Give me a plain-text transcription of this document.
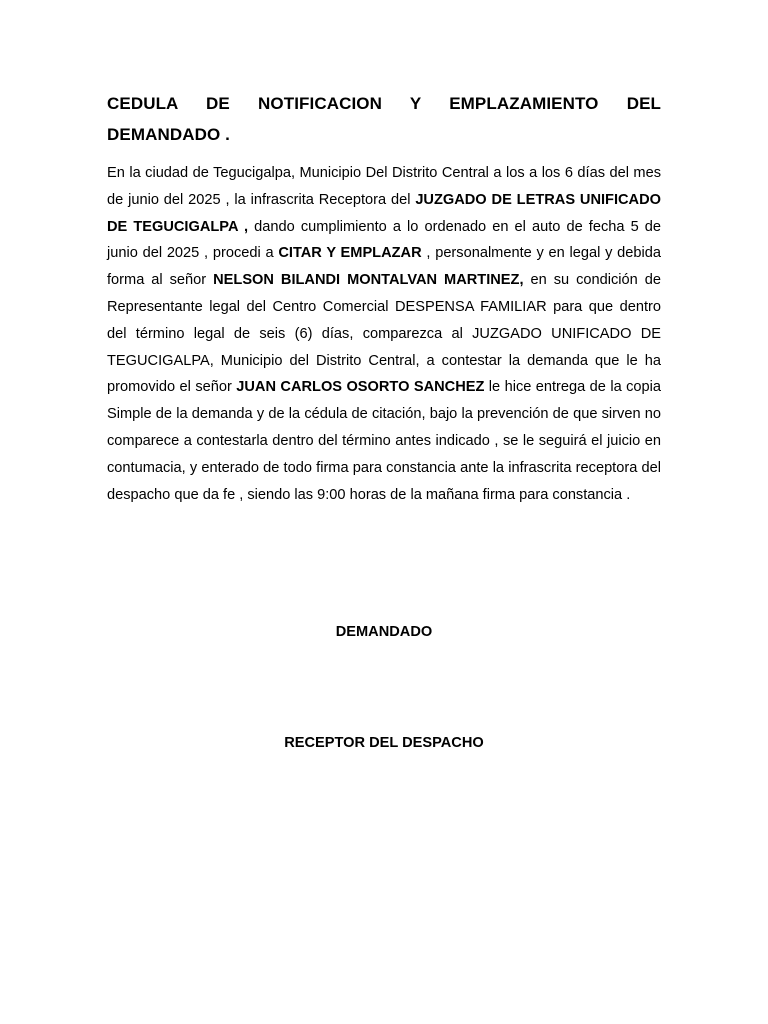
CEDULA DE NOTIFICACION Y EMPLAZAMIENTO DEL DEMANDADO .

En la ciudad de Tegucigalpa, Municipio Del Distrito Central a los a los 6 días del mes de junio del 2025 , la infrascrita Receptora del JUZGADO DE LETRAS UNIFICADO DE TEGUCIGALPA , dando cumplimiento a lo ordenado en el auto de fecha 5 de junio del 2025 , procedi a CITAR Y EMPLAZAR , personalmente y en legal y debida forma al señor NELSON BILANDI MONTALVAN MARTINEZ, en su condición de Representante legal del Centro Comercial DESPENSA FAMILIAR para que dentro del término legal de seis (6) días, comparezca al JUZGADO UNIFICADO DE TEGUCIGALPA, Municipio del Distrito Central, a contestar la demanda que le ha promovido el señor JUAN CARLOS OSORTO SANCHEZ le hice entrega de la copia Simple de la demanda y de la cédula de citación, bajo la prevención de que sirven no comparece a contestarla dentro del término antes indicado , se le seguirá el juicio en contumacia, y enterado de todo firma para constancia ante la infrascrita receptora del despacho que da fe , siendo las 9:00 horas de la mañana firma para constancia .

DEMANDADO
RECEPTOR DEL DESPACHO
